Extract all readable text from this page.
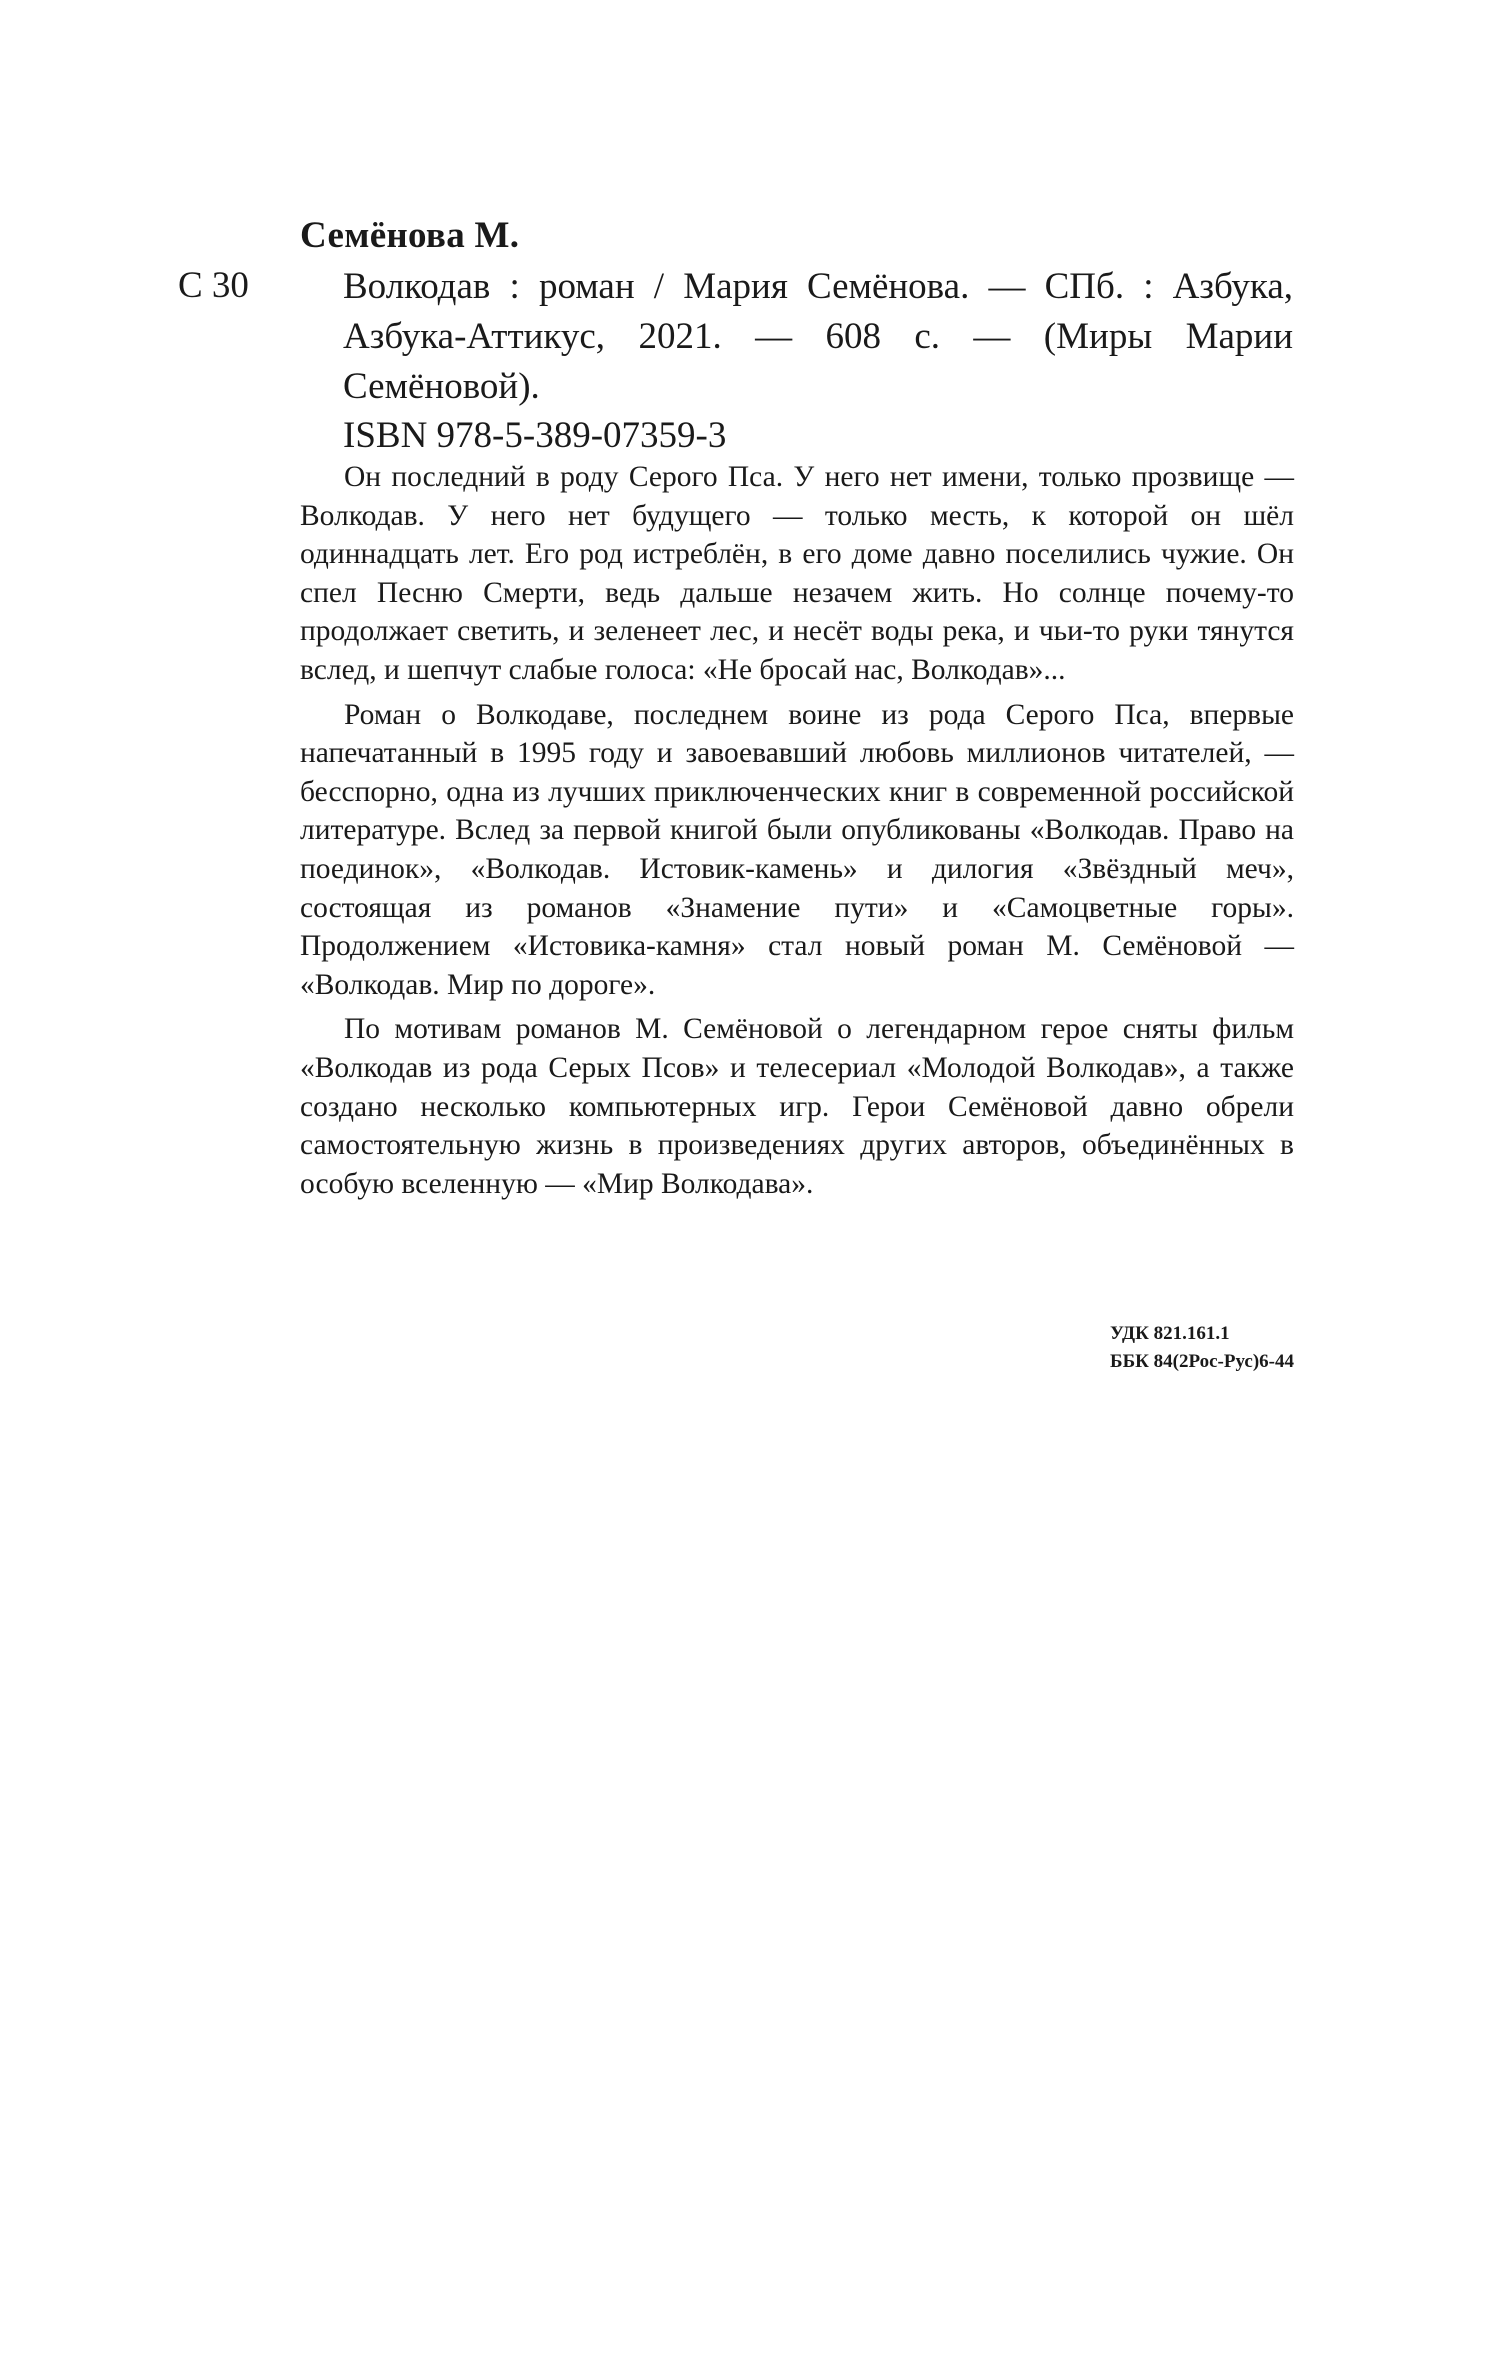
Семёнова М.
С 30	Волкодав : роман / Мария Семёнова. — СПб. : Азбука, Азбука-Аттикус, 2021. — 608 с. — (Миры Марии Семёновой).
ISBN 978-5-389-07359-3

Он последний в роду Серого Пса. У него нет имени, только прозвище — Волкодав. У него нет будущего — только месть, к которой он шёл одиннадцать лет. Его род истреблён, в его доме давно поселились чужие. Он спел Песню Смерти, ведь дальше незачем жить. Но солнце почему-то продолжает светить, и зеленеет лес, и несёт воды река, и чьи-то руки тянутся вслед, и шепчут слабые голоса: «Не бросай нас, Волкодав»...

Роман о Волкодаве, последнем воине из рода Серого Пса, впервые напечатанный в 1995 году и завоевавший любовь миллионов читателей, — бесспорно, одна из лучших приключенческих книг в современной российской литературе. Вслед за первой книгой были опубликованы «Волкодав. Право на поединок», «Волкодав. Истовик-камень» и дилогия «Звёздный меч», состоящая из романов «Знамение пути» и «Самоцветные горы». Продолжением «Истовика-камня» стал новый роман М. Семёновой — «Волкодав. Мир по дороге».

По мотивам романов М. Семёновой о легендарном герое сняты фильм «Волкодав из рода Серых Псов» и телесериал «Молодой Волкодав», а также создано несколько компьютерных игр. Герои Семёновой давно обрели самостоятельную жизнь в произведениях других авторов, объединённых в особую вселенную — «Мир Волкодава».

УДК 821.161.1
ББК 84(2Рос-Рус)6-44
